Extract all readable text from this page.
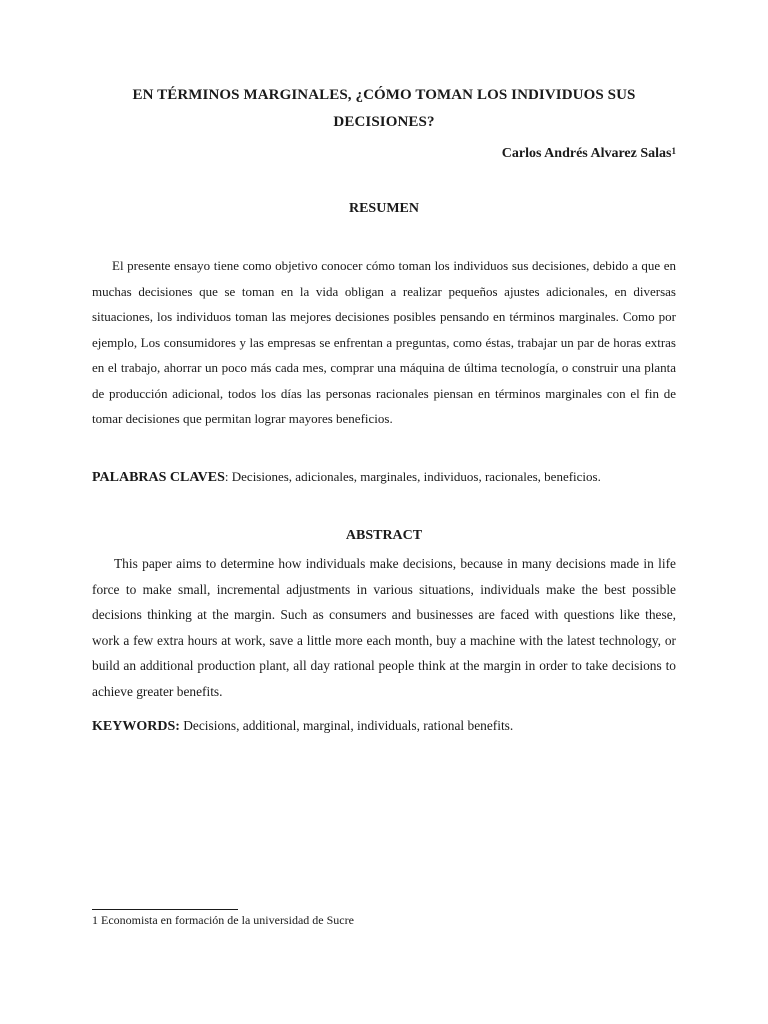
EN TÉRMINOS MARGINALES, ¿CÓMO TOMAN LOS INDIVIDUOS SUS DECISIONES?
Carlos Andrés Alvarez Salas$^1$
RESUMEN
El presente ensayo tiene como objetivo conocer cómo toman los individuos sus decisiones, debido a que en muchas decisiones que se toman en la vida obligan a realizar pequeños ajustes adicionales, en diversas situaciones, los individuos toman las mejores decisiones posibles pensando en términos marginales. Como por ejemplo, Los consumidores y las empresas se enfrentan a preguntas, como éstas, trabajar un par de horas extras en el trabajo, ahorrar un poco más cada mes, comprar una máquina de última tecnología, o construir una planta de producción adicional, todos los días las personas racionales piensan en términos marginales con el fin de tomar decisiones que permitan lograr mayores beneficios.
PALABRAS CLAVES: Decisiones, adicionales, marginales, individuos, racionales, beneficios.
ABSTRACT
This paper aims to determine how individuals make decisions, because in many decisions made in life force to make small, incremental adjustments in various situations, individuals make the best possible decisions thinking at the margin. Such as consumers and businesses are faced with questions like these, work a few extra hours at work, save a little more each month, buy a machine with the latest technology, or build an additional production plant, all day rational people think at the margin in order to take decisions to achieve greater benefits.
KEYWORDS: Decisions, additional, marginal, individuals, rational benefits.
1 Economista en formación de la universidad de Sucre
